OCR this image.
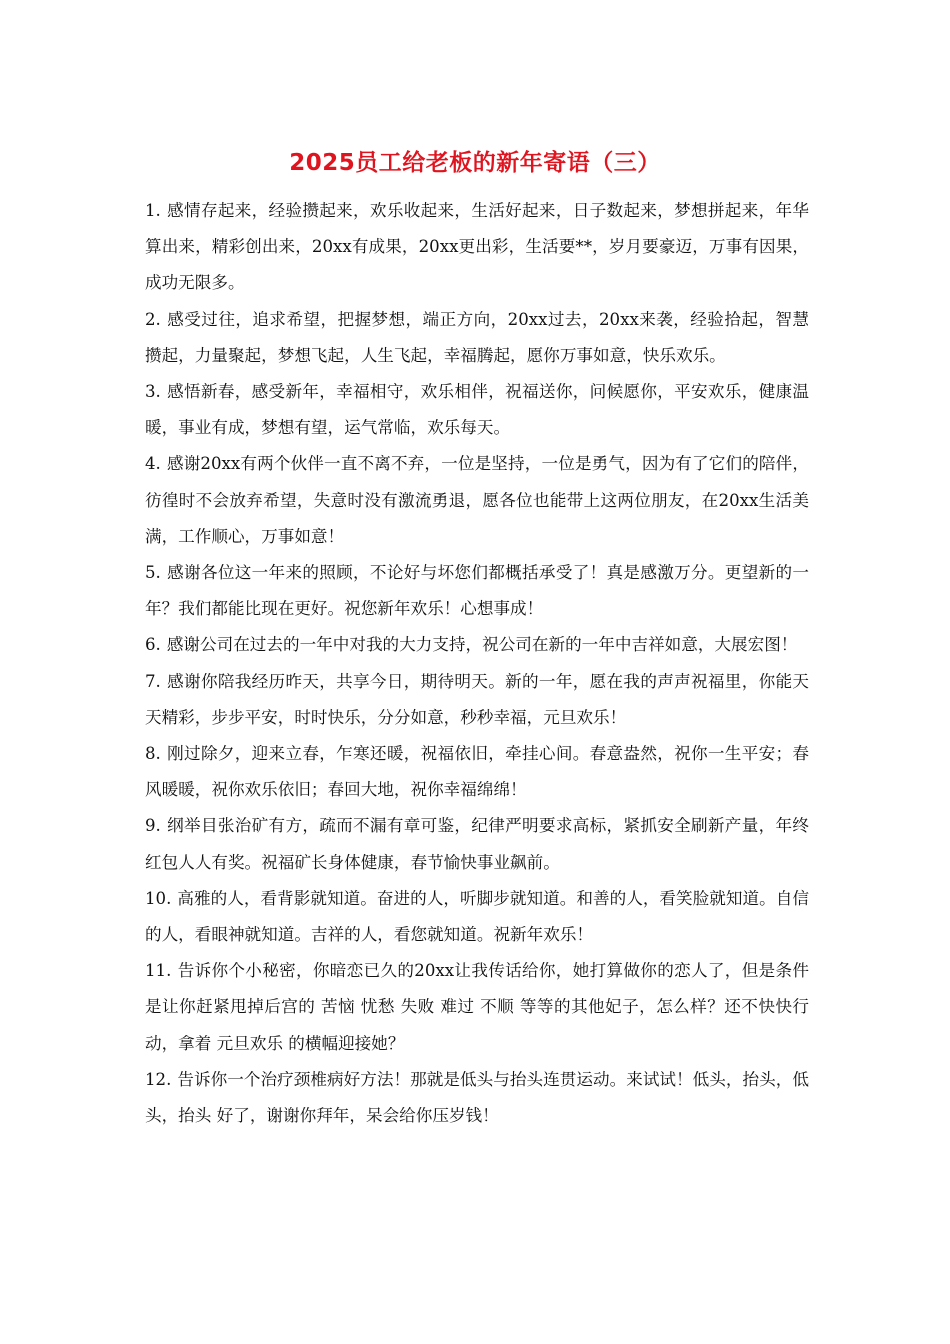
2025员工给老板的新年寄语（三）

1. 感情存起来，经验攒起来，欢乐收起来，生活好起来，日子数起来，梦想拼起来，年华算出来，精彩创出来，20xx有成果，20xx更出彩，生活要**，岁月要豪迈，万事有因果，成功无限多。

2. 感受过往，追求希望，把握梦想，端正方向，20xx过去，20xx来袭，经验拾起，智慧攒起，力量聚起，梦想飞起，人生飞起，幸福腾起，愿你万事如意，快乐欢乐。

3. 感悟新春，感受新年，幸福相守，欢乐相伴，祝福送你，问候愿你，平安欢乐，健康温暖，事业有成，梦想有望，运气常临，欢乐每天。

4. 感谢20xx有两个伙伴一直不离不弃，一位是坚持，一位是勇气，因为有了它们的陪伴，彷徨时不会放弃希望，失意时没有激流勇退，愿各位也能带上这两位朋友，在20xx生活美满，工作顺心，万事如意！

5. 感谢各位这一年来的照顾，不论好与坏您们都概括承受了！真是感激万分。更望新的一年？我们都能比现在更好。祝您新年欢乐！心想事成！

6. 感谢公司在过去的一年中对我的大力支持，祝公司在新的一年中吉祥如意，大展宏图！

7. 感谢你陪我经历昨天，共享今日，期待明天。新的一年，愿在我的声声祝福里，你能天天精彩，步步平安，时时快乐，分分如意，秒秒幸福，元旦欢乐！

8. 刚过除夕，迎来立春，乍寒还暖，祝福依旧，牵挂心间。春意盎然，祝你一生平安；春风暖暖，祝你欢乐依旧；春回大地，祝你幸福绵绵！

9. 纲举目张治矿有方，疏而不漏有章可鉴，纪律严明要求高标，紧抓安全刷新产量，年终红包人人有奖。祝福矿长身体健康，春节愉快事业飙前。

10. 高雅的人，看背影就知道。奋进的人，听脚步就知道。和善的人，看笑脸就知道。自信的人，看眼神就知道。吉祥的人，看您就知道。祝新年欢乐！

11. 告诉你个小秘密，你暗恋已久的20xx让我传话给你，她打算做你的恋人了，但是条件是让你赶紧甩掉后宫的 苦恼 忧愁 失败 难过 不顺 等等的其他妃子，怎么样？还不快快行动，拿着 元旦欢乐 的横幅迎接她？

12. 告诉你一个治疗颈椎病好方法！那就是低头与抬头连贯运动。来试试！低头，抬头，低头，抬头 好了，谢谢你拜年，呆会给你压岁钱！
